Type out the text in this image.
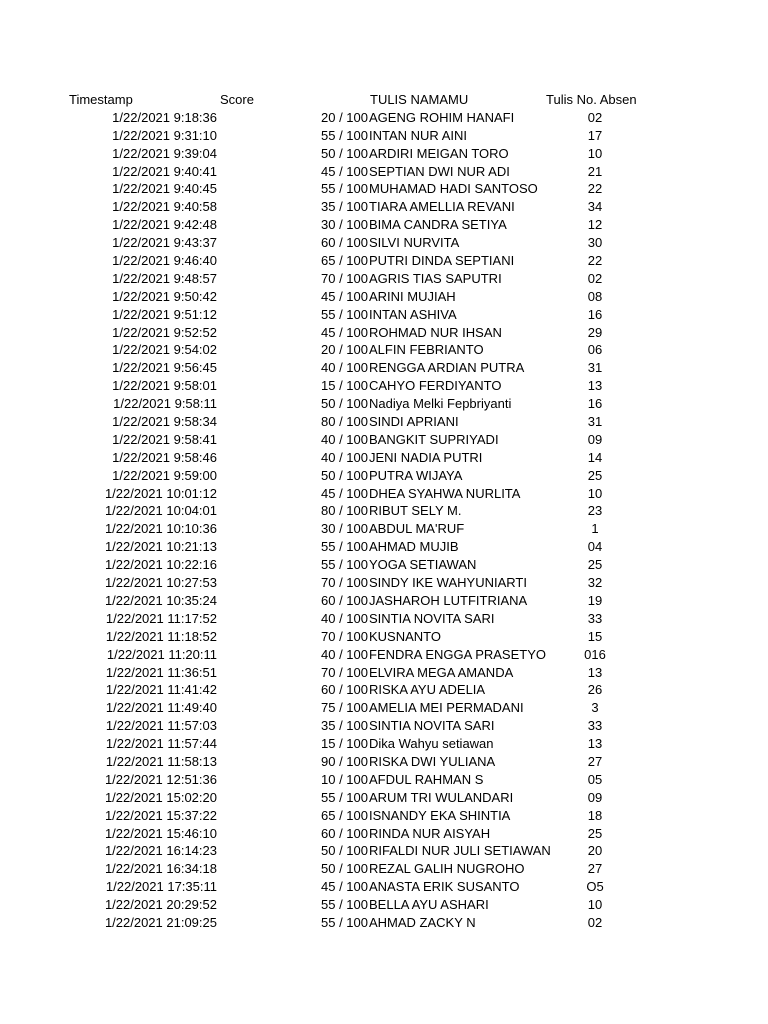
Timestamp	Score	TULIS NAMAMU	Tulis No. Absen
1/22/2021 9:18:36	20 / 100 AGENG ROHIM HANAFI	02
1/22/2021 9:31:10	55 / 100 INTAN NUR AINI	17
1/22/2021 9:39:04	50 / 100 ARDIRI MEIGAN TORO	10
1/22/2021 9:40:41	45 / 100 SEPTIAN DWI NUR ADI	21
1/22/2021 9:40:45	55 / 100 MUHAMAD HADI SANTOSO	22
1/22/2021 9:40:58	35 / 100 TIARA AMELLIA REVANI	34
1/22/2021 9:42:48	30 / 100 BIMA CANDRA SETIYA	12
1/22/2021 9:43:37	60 / 100 SILVI NURVITA	30
1/22/2021 9:46:40	65 / 100 PUTRI DINDA SEPTIANI	22
1/22/2021 9:48:57	70 / 100 AGRIS TIAS SAPUTRI	02
1/22/2021 9:50:42	45 / 100 ARINI MUJIAH	08
1/22/2021 9:51:12	55 / 100 INTAN ASHIVA	16
1/22/2021 9:52:52	45 / 100 ROHMAD NUR IHSAN	29
1/22/2021 9:54:02	20 / 100 ALFIN FEBRIANTO	06
1/22/2021 9:56:45	40 / 100 RENGGA ARDIAN PUTRA	31
1/22/2021 9:58:01	15 / 100 CAHYO FERDIYANTO	13
1/22/2021 9:58:11	50 / 100 Nadiya Melki Fepbriyanti	16
1/22/2021 9:58:34	80 / 100 SINDI APRIANI	31
1/22/2021 9:58:41	40 / 100 BANGKIT SUPRIYADI	09
1/22/2021 9:58:46	40 / 100 JENI NADIA PUTRI	14
1/22/2021 9:59:00	50 / 100 PUTRA WIJAYA	25
1/22/2021 10:01:12	45 / 100 DHEA SYAHWA NURLITA	10
1/22/2021 10:04:01	80 / 100 RIBUT SELY M.	23
1/22/2021 10:10:36	30 / 100 ABDUL MA'RUF	1
1/22/2021 10:21:13	55 / 100 AHMAD MUJIB	04
1/22/2021 10:22:16	55 / 100 YOGA SETIAWAN	25
1/22/2021 10:27:53	70 / 100 SINDY IKE WAHYUNIARTI	32
1/22/2021 10:35:24	60 / 100 JASHAROH LUTFITRIANA	19
1/22/2021 11:17:52	40 / 100 SINTIA NOVITA SARI	33
1/22/2021 11:18:52	70 / 100 KUSNANTO	15
1/22/2021 11:20:11	40 / 100 FENDRA ENGGA PRASETYO	016
1/22/2021 11:36:51	70 / 100 ELVIRA MEGA AMANDA	13
1/22/2021 11:41:42	60 / 100 RISKA AYU ADELIA	26
1/22/2021 11:49:40	75 / 100 AMELIA MEI PERMADANI	3
1/22/2021 11:57:03	35 / 100 SINTIA NOVITA SARI	33
1/22/2021 11:57:44	15 / 100 Dika Wahyu setiawan	13
1/22/2021 11:58:13	90 / 100 RISKA DWI YULIANA	27
1/22/2021 12:51:36	10 / 100 AFDUL RAHMAN S	05
1/22/2021 15:02:20	55 / 100 ARUM TRI WULANDARI	09
1/22/2021 15:37:22	65 / 100 ISNANDY EKA SHINTIA	18
1/22/2021 15:46:10	60 / 100 RINDA NUR AISYAH	25
1/22/2021 16:14:23	50 / 100 RIFALDI NUR JULI SETIAWAN	20
1/22/2021 16:34:18	50 / 100 REZAL GALIH NUGROHO	27
1/22/2021 17:35:11	45 / 100 ANASTA ERIK SUSANTO	O5
1/22/2021 20:29:52	55 / 100 BELLA AYU ASHARI	10
1/22/2021 21:09:25	55 / 100 AHMAD ZACKY N	02
